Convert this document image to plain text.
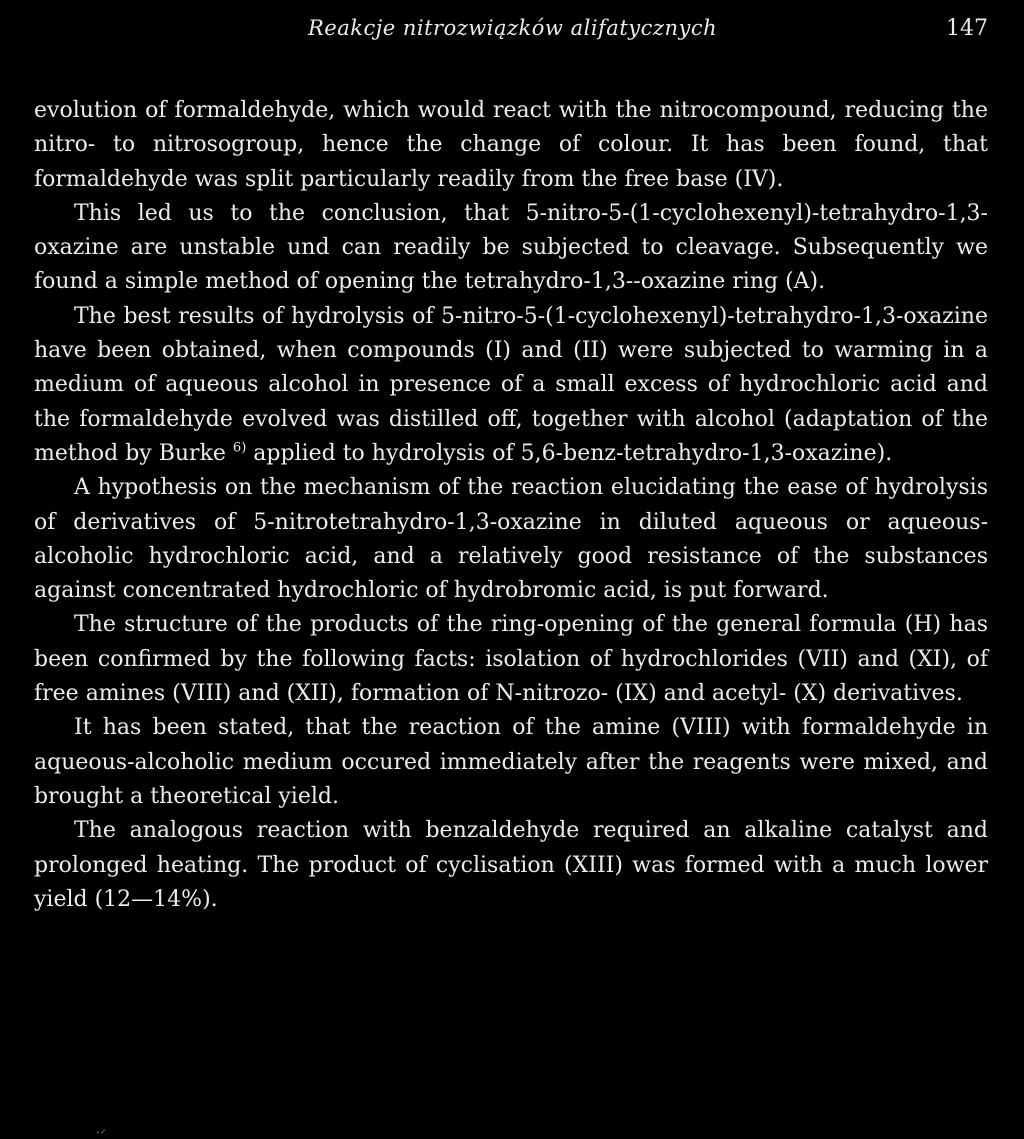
Reakcje nitrozwiązków alifatycznych	147

evolution of formaldehyde, which would react with the nitrocompound, reducing the nitro- to nitrosogroup, hence the change of colour. It has been found, that formaldehyde was split particularly readily from the free base (IV).

This led us to the conclusion, that 5-nitro-5-(1-cyclohexenyl)-tetrahydro-1,3-oxazine are unstable und can readily be subjected to cleavage. Subsequently we found a simple method of opening the tetrahydro-1,3--oxazine ring (A).

The best results of hydrolysis of 5-nitro-5-(1-cyclohexenyl)-tetrahydro-1,3-oxazine have been obtained, when compounds (I) and (II) were subjected to warming in a medium of aqueous alcohol in presence of a small excess of hydrochloric acid and the formaldehyde evolved was distilled off, together with alcohol (adaptation of the method by Burke $^{6)}$ applied to hydrolysis of 5,6-benz-tetrahydro-1,3-oxazine).

A hypothesis on the mechanism of the reaction elucidating the ease of hydrolysis of derivatives of 5-nitrotetrahydro-1,3-oxazine in diluted aqueous or aqueous-alcoholic hydrochloric acid, and a relatively good resistance of the substances against concentrated hydrochloric of hydrobromic acid, is put forward.

The structure of the products of the ring-opening of the general formula (H) has been confirmed by the following facts: isolation of hydrochlorides (VII) and (XI), of free amines (VIII) and (XII), formation of N-nitrozo- (IX) and acetyl- (X) derivatives.

It has been stated, that the reaction of the amine (VIII) with formaldehyde in aqueous-alcoholic medium occured immediately after the reagents were mixed, and brought a theoretical yield.

The analogous reaction with benzaldehyde required an alkaline catalyst and prolonged heating. The product of cyclisation (XIII) was formed with a much lower yield (12—14%).

.⸝
